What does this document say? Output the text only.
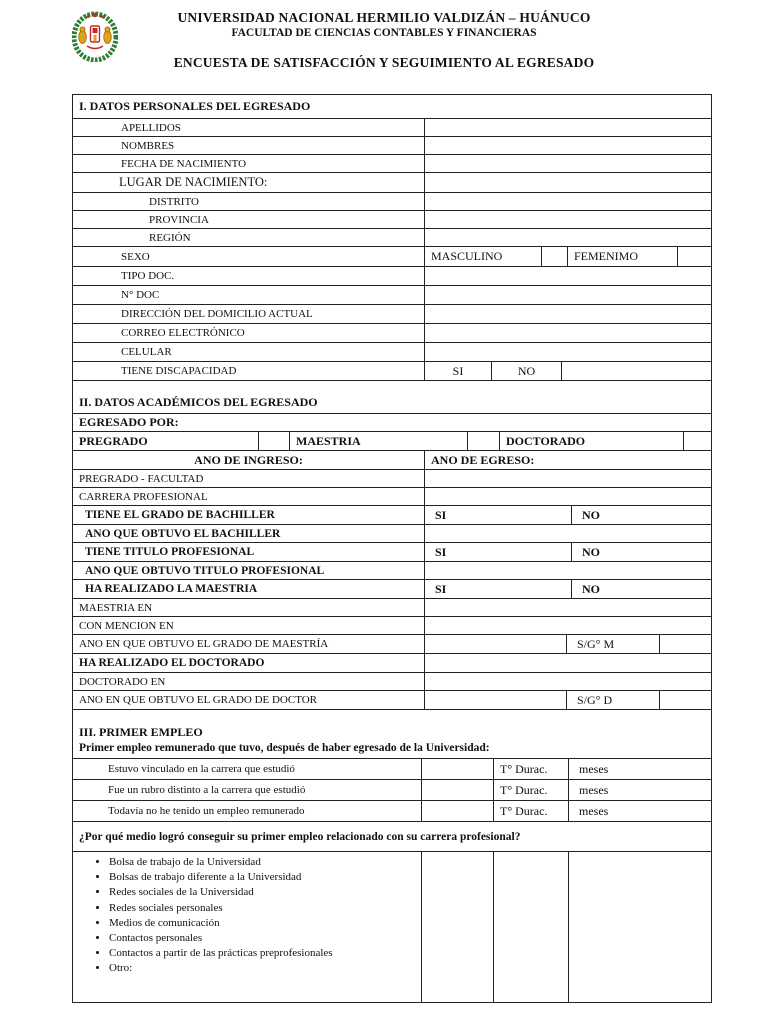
UNIVERSIDAD NACIONAL HERMILIO VALDIZÁN – HUÁNUCO
FACULTAD DE CIENCIAS CONTABLES Y FINANCIERAS
ENCUESTA DE SATISFACCIÓN Y SEGUIMIENTO AL EGRESADO
I. DATOS PERSONALES DEL EGRESADO
APELLIDOS
NOMBRES
FECHA DE NACIMIENTO
LUGAR DE NACIMIENTO:
DISTRITO
PROVINCIA
REGIÓN
SEXO	MASCULINO	FEMENIMO
TIPO DOC.
N° DOC
DIRECCIÓN DEL DOMICILIO ACTUAL
CORREO ELECTRÓNICO
CELULAR
TIENE DISCAPACIDAD	SI	NO
II. DATOS ACADÉMICOS DEL EGRESADO
EGRESADO POR:
PREGRADO	MAESTRIA	DOCTORADO
ANO DE INGRESO:	ANO DE EGRESO:
PREGRADO - FACULTAD
CARRERA PROFESIONAL
TIENE EL GRADO DE BACHILLER	SI	NO
ANO QUE OBTUVO EL BACHILLER
TIENE TITULO PROFESIONAL	SI	NO
ANO QUE OBTUVO TITULO PROFESIONAL
HA REALIZADO LA MAESTRIA	SI	NO
MAESTRIA EN
CON MENCION EN
ANO EN QUE OBTUVO EL GRADO DE MAESTRÍA	S/G° M
HA REALIZADO EL DOCTORADO
DOCTORADO EN
ANO EN QUE OBTUVO EL GRADO DE DOCTOR	S/G° D
III. PRIMER EMPLEO
Primer empleo remunerado que tuvo, después de haber egresado de la Universidad:
Estuvo vinculado en la carrera que estudió	T° Durac.	meses
Fue un rubro distinto a la carrera que estudió	T° Durac.	meses
Todavía no he tenido un empleo remunerado	T° Durac.	meses
¿Por qué medio logró conseguir su primer empleo relacionado con su carrera profesional?
• Bolsa de trabajo de la Universidad
• Bolsas de trabajo diferente a la Universidad
• Redes sociales de la Universidad
• Redes sociales personales
• Medios de comunicación
• Contactos personales
• Contactos a partir de las prácticas preprofesionales
• Otro:
